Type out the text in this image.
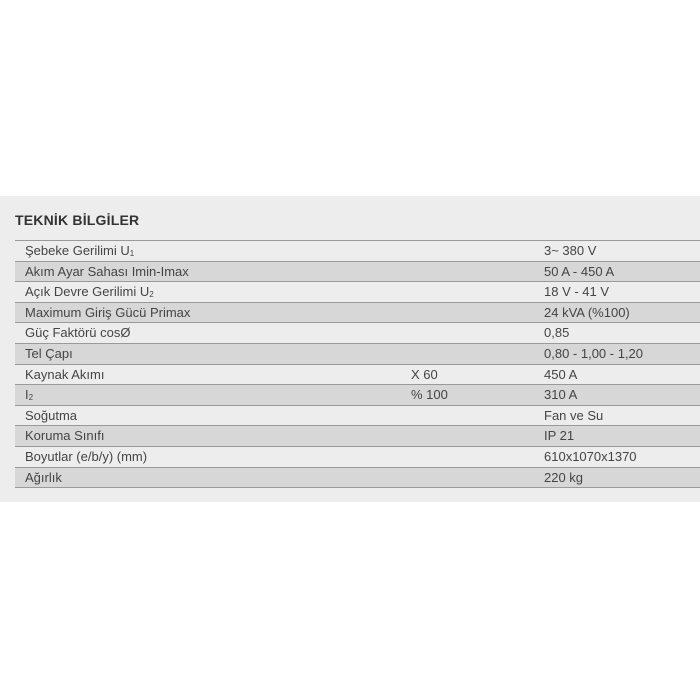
TEKNİK BİLGİLER
Şebeke Gerilimi U1	3~ 380 V
Akım Ayar Sahası Imin-Imax	50 A - 450 A
Açık Devre Gerilimi U2	18 V - 41 V
Maximum Giriş Gücü Primax	24 kVA (%100)
Güç Faktörü cosØ	0,85
Tel Çapı	0,80 - 1,00 - 1,20
Kaynak Akımı	X 60	450 A
I2	% 100	310 A
Soğutma	Fan ve Su
Koruma Sınıfı	IP 21
Boyutlar (e/b/y) (mm)	610x1070x1370
Ağırlık	220 kg
